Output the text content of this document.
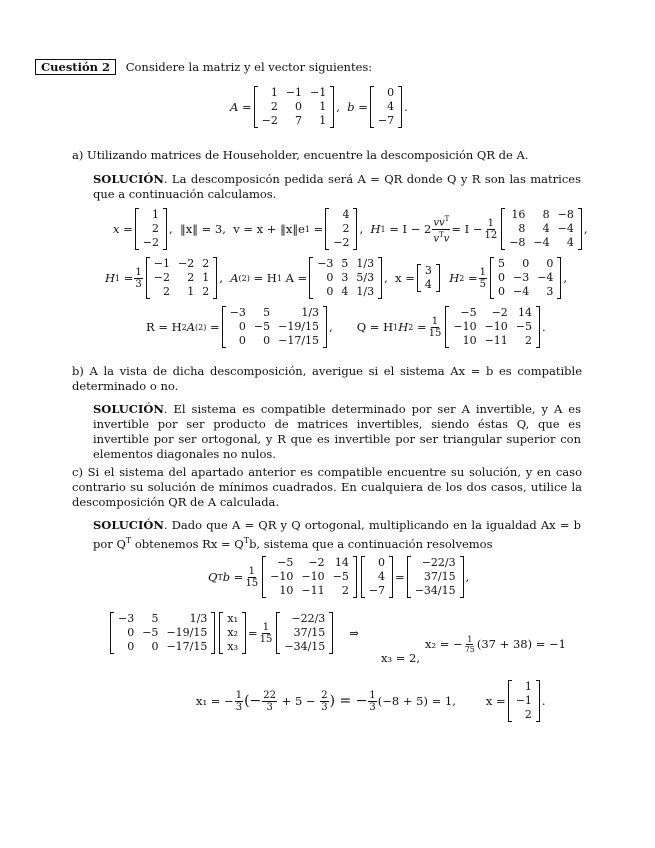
Cuestión 2 Considere la matriz y el vector siguientes:
A =
1	−1	−1
2	0	1
−2	7	1
, b =
0
4
−7
.
a) Utilizando matrices de Householder, encuentre la descomposición QR de A.
SOLUCIÓN. La descomposicón pedida será A = QR donde Q y R son las matrices que a continuación calculamos.
x =
1
2
−2
, ‖x‖ = 3,
v = x + ‖x‖e 1 =
4
2
−2
, H 1
= $I - 2 \frac{vv^T}{v^Tv} = I - \frac{1}{12}$
16	8	−8
8	4	−4
−8	−4	4
,
H $1 = \frac{1}{3}$
−1	−2	2
−2	2	1
2	1	2
, A (2)
= H 1
A =
−3	5	1/3
0	3	5/3
0	4	1/3
, x = 3
4
H $2 = \frac{1}{5}$
5	0	0
0	−3	−4
0	−4	3
,
R = H 2 A (2) =
−3	5	1/3
0	−5	−19/15
0	0	−17/15
, Q = H 1 H $2 = \frac{1}{15}$
−5	−2	14
−10	−10	−5
10	−11	2
.
b) A la vista de dicha descomposición, averigue si el sistema Ax = b es compatible determinado o no.
SOLUCIÓN. El sistema es compatible determinado por ser A invertible, y A es invertible por ser producto de matrices invertibles, siendo éstas Q, que es invertible por ser ortogonal, y R que es invertible por ser triangular superior con elementos diagonales no nulos.
c) Si el sistema del apartado anterior es compatible encuentre su solución, y en caso contrario su solución de mínimos cuadrados. En cualquiera de los dos casos, utilice la descomposición QR de A calculada.
SOLUCIÓN. Dado que A = QR y Q ortogonal, multiplicando en la igualdad Ax = b por $Q^T$ obtenemos $Rx = Q^Tb$, sistema que a continuación resolvemos
Q T $b = \frac{1}{15}$
−5	−2	14
−10	−10	−5
10	−11	2
0
4
−7
=
−22/3
37/15
−34/15
,
−3	5	1/3
0	−5	−19/15
0	0	−17/15
x₁
x₂
x₃
= $\frac{1}{15}$
−22/3
37/15
−34/15
⇒
x₃ = 2,
x₂ = − $\frac{1}{75} (37 + 38) = -1$
x₁ = − $\frac{1}{3}$ (− $\frac{22}{3}$
+ 5 −
$\frac{2}{3}$ ) = − $\frac{1}{3} (-8 + 5) = 1$,	x =
1
−1
2
.
